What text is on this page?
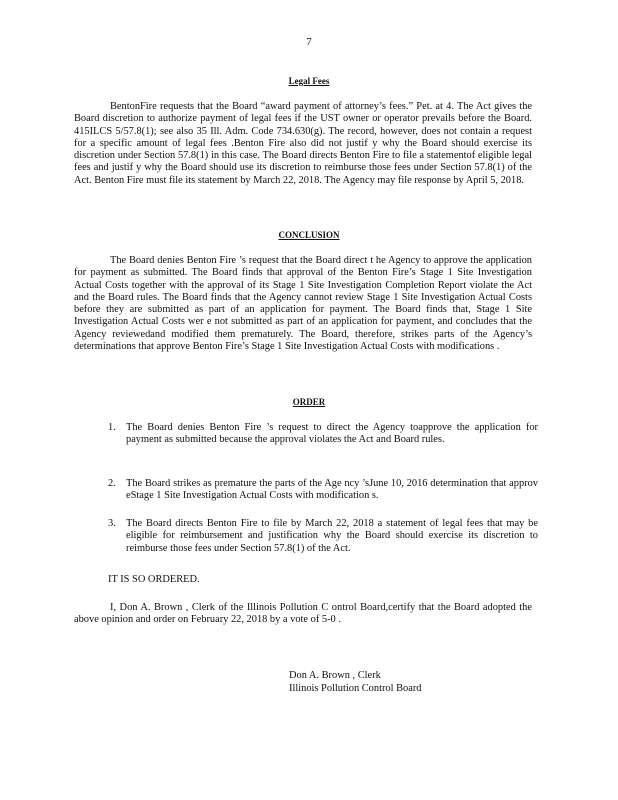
7
Legal Fees

BentonFire requests that the Board “award payment of attorney’s fees.” Pet. at 4. The Act gives the Board discretion to authorize payment of legal fees if the UST owner or operator prevails before the Board. 415ILCS 5/57.8(1); see also 35 Ill. Adm. Code 734.630(g). The record, however, does not contain a request for a specific amount of legal fees .Benton Fire also did not justif y why the Board should exercise its discretion under Section 57.8(1) in this case. The Board directs Benton Fire to file a statementof eligible legal fees and justif y why the Board should use its discretion to reimburse those fees under Section 57.8(1) of the Act. Benton Fire must file its statement by March 22, 2018. The Agency may file response by April 5, 2018.

CONCLUSION

The Board denies Benton Fire ’s request that the Board direct t he Agency to approve the application for payment as submitted. The Board finds that approval of the Benton Fire’s Stage 1 Site Investigation Actual Costs together with the approval of its Stage 1 Site Investigation Completion Report violate the Act and the Board rules. The Board finds that the Agency cannot review Stage 1 Site Investigation Actual Costs before they are submitted as part of an application for payment. The Board finds that, Stage 1 Site Investigation Actual Costs wer e not submitted as part of an application for payment, and concludes that the Agency reviewedand modified them prematurely. The Board, therefore, strikes parts of the Agency’s determinations that approve Benton Fire’s Stage 1 Site Investigation Actual Costs with modifications .

ORDER
1. The Board denies Benton Fire ’s request to direct the Agency toapprove the application for payment as submitted because the approval violates the Act and Board rules.
2. The Board strikes as premature the parts of the Age ncy ’sJune 10, 2016 determination that approv eStage 1 Site Investigation Actual Costs with modification s.
3. The Board directs Benton Fire to file by March 22, 2018 a statement of legal fees that may be eligible for reimbursement and justification why the Board should exercise its discretion to reimburse those fees under Section 57.8(1) of the Act.
IT IS SO ORDERED.

I, Don A. Brown , Clerk of the Illinois Pollution C ontrol Board,certify that the Board adopted the above opinion and order on February 22, 2018 by a vote of 5-0 .

Don A. Brown , Clerk
Illinois Pollution Control Board
